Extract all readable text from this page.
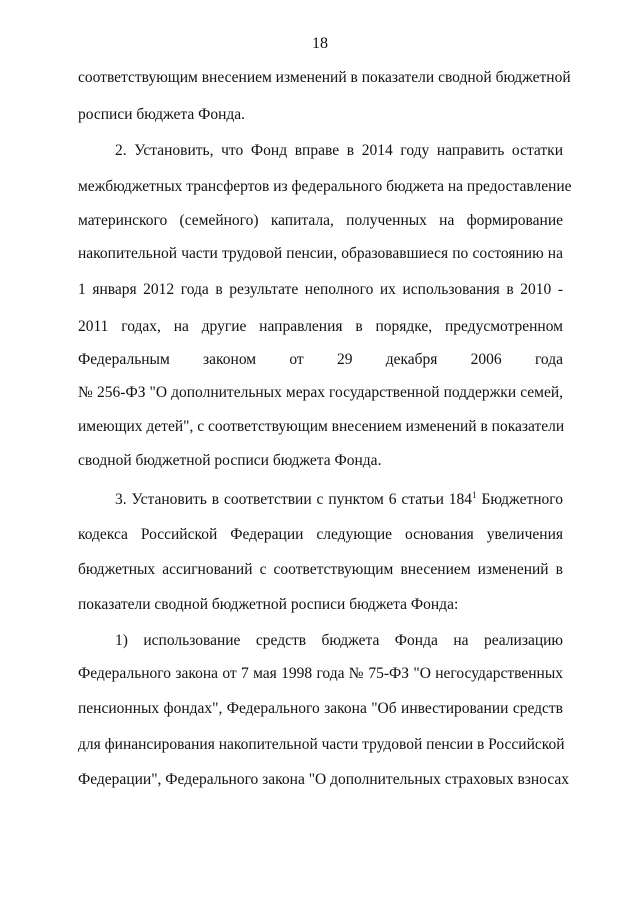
18
соответствующим внесением изменений в показатели сводной бюджетной
росписи бюджета Фонда.
2. Установить, что Фонд вправе в 2014 году направить остатки
межбюджетных трансфертов из федерального бюджета на предоставление
материнского (семейного) капитала, полученных на формирование
накопительной части трудовой пенсии, образовавшиеся по состоянию на
1 января 2012 года в результате неполного их использования в 2010 -
2011 годах, на другие направления в порядке, предусмотренном
Федеральным законом от 29 декабря 2006 года
№ 256-ФЗ "О дополнительных мерах государственной поддержки семей,
имеющих детей", с соответствующим внесением изменений в показатели
сводной бюджетной росписи бюджета Фонда.
3. Установить в соответствии с пунктом 6 статьи $184^1$ Бюджетного
кодекса Российской Федерации следующие основания увеличения
бюджетных ассигнований с соответствующим внесением изменений в
показатели сводной бюджетной росписи бюджета Фонда:
1) использование средств бюджета Фонда на реализацию
Федерального закона от 7 мая 1998 года № 75-ФЗ "О негосударственных
пенсионных фондах", Федерального закона "Об инвестировании средств
для финансирования накопительной части трудовой пенсии в Российской
Федерации", Федерального закона "О дополнительных страховых взносах
